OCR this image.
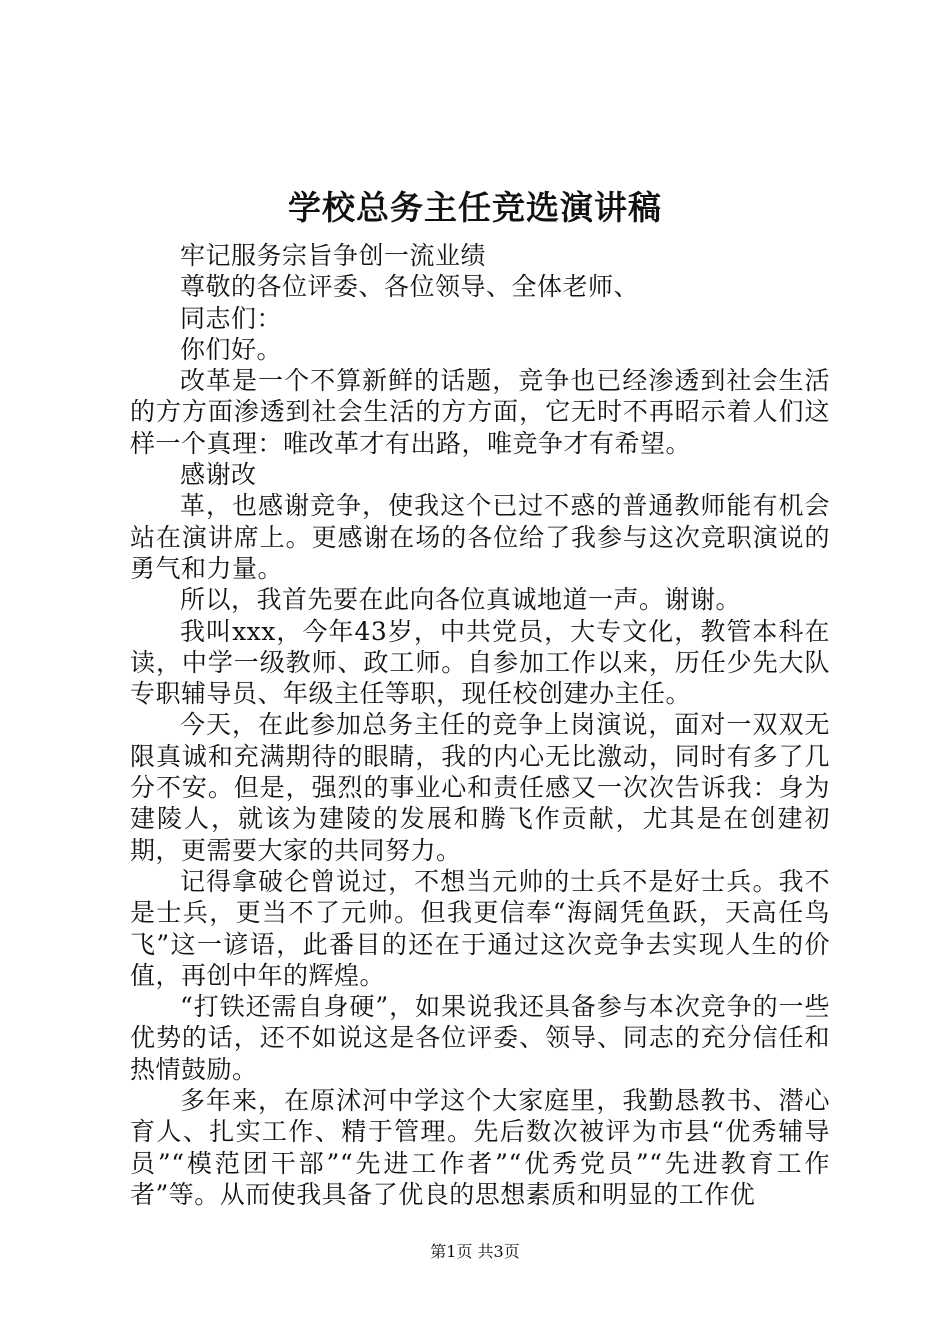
学校总务主任竞选演讲稿

牢记服务宗旨争创一流业绩

尊敬的各位评委、各位领导、全体老师、

同志们：

你们好。

改革是一个不算新鲜的话题，竞争也已经渗透到社会生活的方方面渗透到社会生活的方方面，它无时不再昭示着人们这样一个真理：唯改革才有出路，唯竞争才有希望。

感谢改

革，也感谢竞争，使我这个已过不惑的普通教师能有机会站在演讲席上。更感谢在场的各位给了我参与这次竞职演说的勇气和力量。

所以，我首先要在此向各位真诚地道一声。谢谢。

我叫xxx，今年43岁，中共党员，大专文化，教管本科在读，中学一级教师、政工师。自参加工作以来，历任少先大队专职辅导员、年级主任等职，现任校创建办主任。

今天，在此参加总务主任的竞争上岗演说，面对一双双无限真诚和充满期待的眼睛，我的内心无比激动，同时有多了几分不安。但是，强烈的事业心和责任感又一次次告诉我：身为建陵人，就该为建陵的发展和腾飞作贡献，尤其是在创建初期，更需要大家的共同努力。

记得拿破仑曾说过，不想当元帅的士兵不是好士兵。我不是士兵，更当不了元帅。但我更信奉“海阔凭鱼跃，天高任鸟飞”这一谚语，此番目的还在于通过这次竞争去实现人生的价值，再创中年的辉煌。

“打铁还需自身硬”，如果说我还具备参与本次竞争的一些优势的话，还不如说这是各位评委、领导、同志的充分信任和热情鼓励。

多年来，在原沭河中学这个大家庭里，我勤恳教书、潜心育人、扎实工作、精于管理。先后数次被评为市县“优秀辅导员”“模范团干部”“先进工作者”“优秀党员”“先进教育工作者”等。从而使我具备了优良的思想素质和明显的工作优

第1页 共3页
